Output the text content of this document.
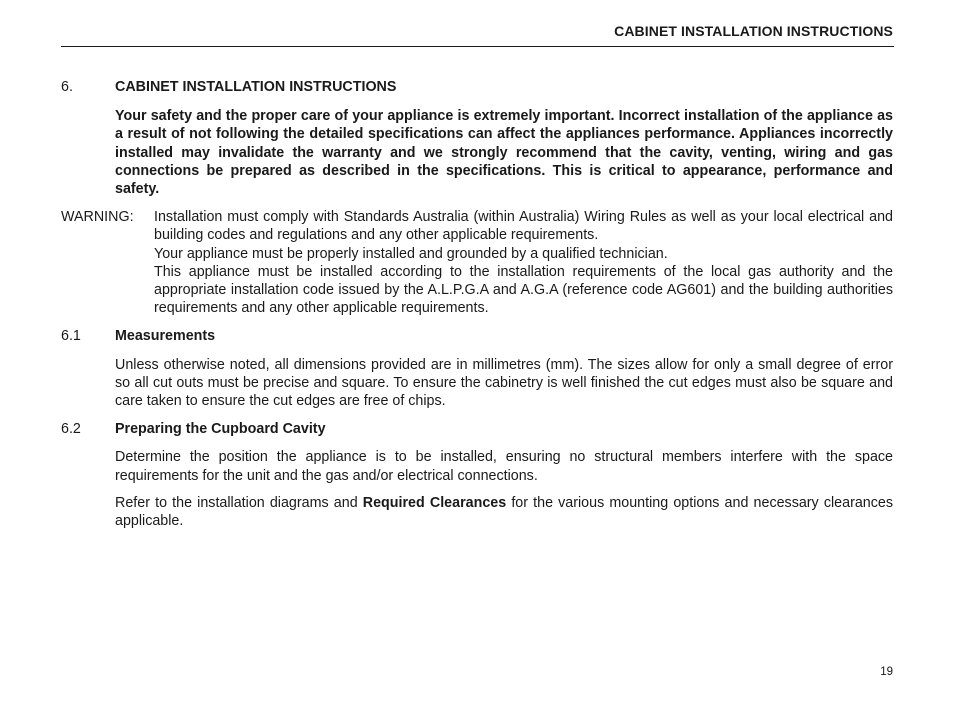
CABINET INSTALLATION INSTRUCTIONS
6.	CABINET INSTALLATION INSTRUCTIONS

Your safety and the proper care of your appliance is extremely important. Incorrect installation of the appliance as a result of not following the detailed specifications can affect the appliances performance. Appliances incorrectly installed may invalidate the warranty and we strongly recommend that the cavity, venting, wiring and gas connections be prepared as described in the specifications. This is critical to appearance, performance and safety.

WARNING:	Installation must comply with Standards Australia (within Australia) Wiring Rules as well as your local electrical and building codes and regulations and any other applicable requirements.

Your appliance must be properly installed and grounded by a qualified technician.

This appliance must be installed according to the installation requirements of the local gas authority and the appropriate installation code issued by the A.L.P.G.A and A.G.A (reference code AG601) and the building authorities requirements and any other applicable requirements.

6.1	Measurements

Unless otherwise noted, all dimensions provided are in millimetres (mm). The sizes allow for only a small degree of error so all cut outs must be precise and square. To ensure the cabinetry is well finished the cut edges must also be square and care taken to ensure the cut edges are free of chips.

6.2	Preparing the Cupboard Cavity

Determine the position the appliance is to be installed, ensuring no structural members interfere with the space requirements for the unit and the gas and/or electrical connections.

Refer to the installation diagrams and Required Clearances for the various mounting options and necessary clearances applicable.

19
